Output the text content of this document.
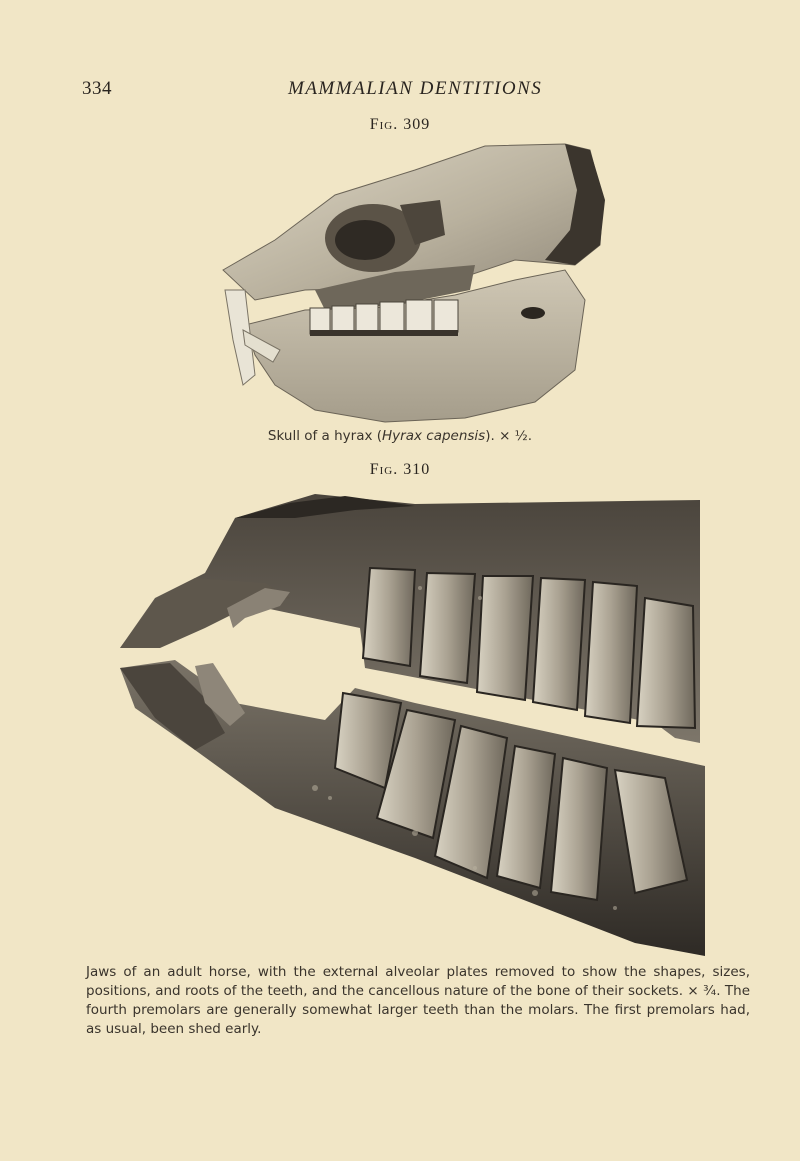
334	MAMMALIAN DENTITIONS
Fig. 309
Skull of a hyrax (Hyrax capensis). × ½.
Fig. 310
Jaws of an adult horse, with the external alveolar plates removed to show the shapes, sizes, positions, and roots of the teeth, and the cancellous nature of the bone of their sockets. × ¾. The fourth premolars are generally somewhat larger teeth than the molars. The first premolars had, as usual, been shed early.
